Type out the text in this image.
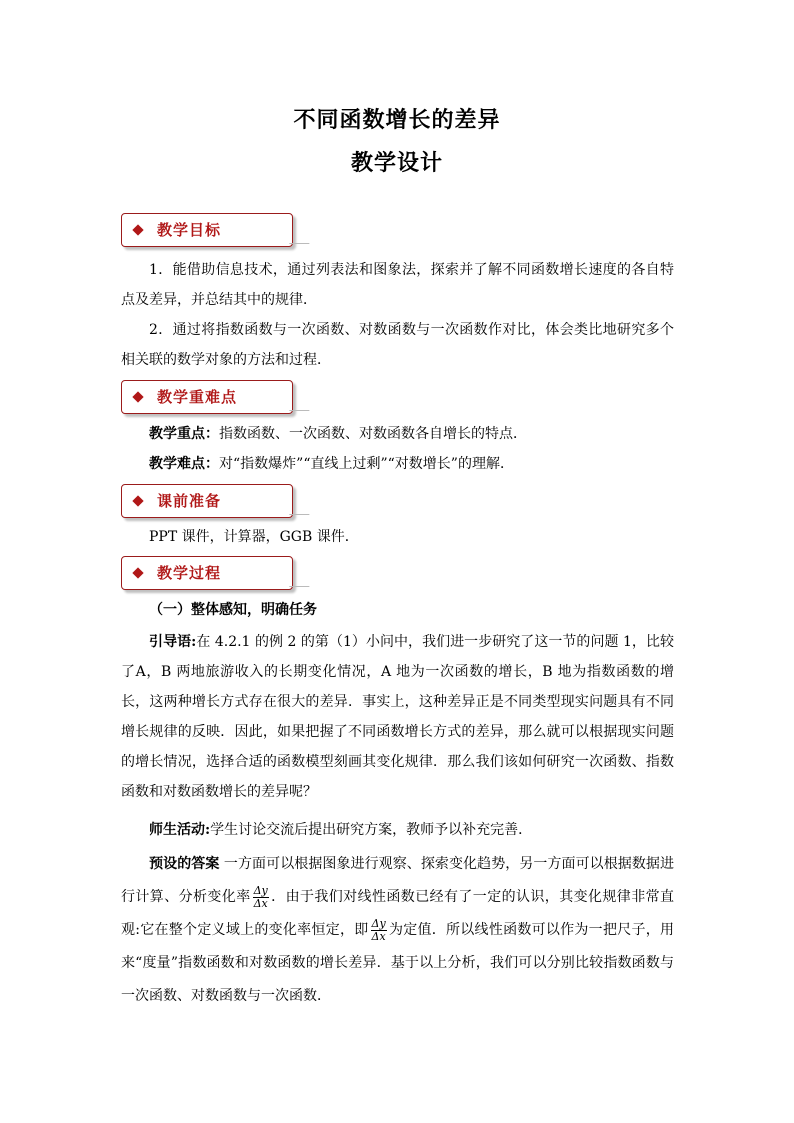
不同函数增长的差异
教学设计
教学目标
1．能借助信息技术，通过列表法和图象法，探索并了解不同函数增长速度的各自特点及差异，并总结其中的规律．
2．通过将指数函数与一次函数、对数函数与一次函数作对比，体会类比地研究多个相关联的数学对象的方法和过程．
教学重难点
教学重点：指数函数、一次函数、对数函数各自增长的特点．
教学难点：对“指数爆炸”“直线上过剩”“对数增长”的理解．
课前准备
PPT 课件，计算器，GGB 课件．
教学过程
（一）整体感知，明确任务
引导语:在 4.2.1 的例 2 的第（1）小问中，我们进一步研究了这一节的问题 1，比较了A，B 两地旅游收入的长期变化情况，A 地为一次函数的增长，B 地为指数函数的增长，这两种增长方式存在很大的差异．事实上，这种差异正是不同类型现实问题具有不同增长规律的反映．因此，如果把握了不同函数增长方式的差异，那么就可以根据现实问题的增长情况，选择合适的函数模型刻画其变化规律．那么我们该如何研究一次函数、指数函数和对数函数增长的差异呢？
师生活动:学生讨论交流后提出研究方案，教师予以补充完善．
预设的答案 一方面可以根据图象进行观察、探索变化趋势，另一方面可以根据数据进行计算、分析变化率 $\frac{\Delta y}{\Delta x}$ ．由于我们对线性函数已经有了一定的认识，其变化规律非常直观:它在整个定义域上的变化率恒定，即 $\frac{\Delta y}{\Delta x}$ 为定值．所以线性函数可以作为一把尺子，用来“度量”指数函数和对数函数的增长差异．基于以上分析，我们可以分别比较指数函数与一次函数、对数函数与一次函数．
